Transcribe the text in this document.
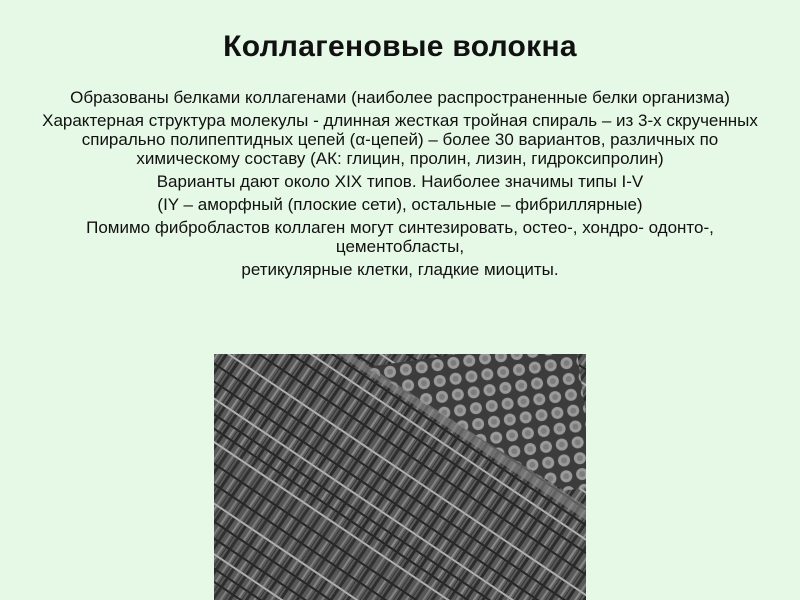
Коллагеновые волокна

Образованы белками коллагенами (наиболее распространенные белки организма)

Характерная структура молекулы - длинная жесткая тройная спираль – из 3-х скрученных спирально полипептидных цепей (α-цепей) – более 30 вариантов, различных по химическому составу (АК: глицин, пролин, лизин, гидроксипролин)

Варианты дают около XIX типов. Наиболее значимы типы I-V

(IY – аморфный (плоские сети), остальные – фибриллярные)

Помимо фибробластов коллаген могут синтезировать, остео-, хондро- одонто-, цементобласты,

ретикулярные клетки, гладкие миоциты.
